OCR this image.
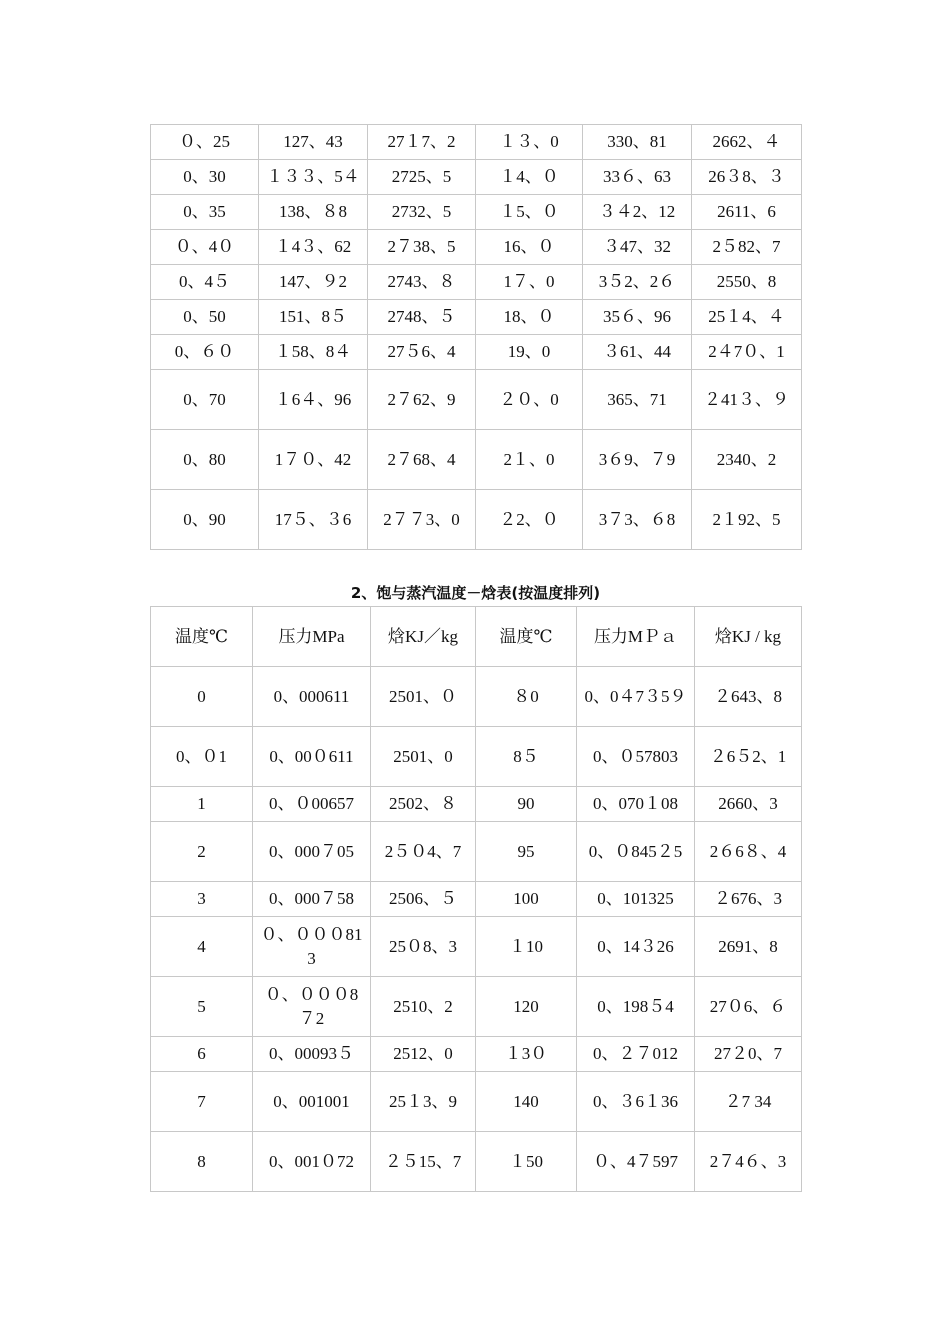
０、25	127、43	27１7、2	１３、0	330、81	2662、４
0、30	１３３、5４	2725、5	１4、０	33６、63	26３8、３
0、35	138、８8	2732、5	１5、０	３４2、12	2611、6
０、4０	１4３、62	2７38、5	16、０	３47、32	2５82、7
0、4５	147、９2	2743、８	1７、0	3５2、2６	2550、8
0、50	151、8５	2748、５	18、０	35６、96	25１4、４
0、６０	１58、8４	27５6、4	19、0	３61、44	2４7０、1
0、70	１6４、96	2７62、9	２０、0	365、71	２41３、９
0、80	1７０、42	2７68、4	2１、0	3６9、７9	2340、2
0、90	17５、３6	2７７3、0	２2、０	3７3、６8	2１92、5
2、饱与蒸汽温度－焓表(按温度排列)
温度℃	压力MPa	焓KJ／kg	温度℃	压力MＰａ	焓KJ / kg
0	0、000611	2501、０	８0	0、0４7３5９	２643、8
0、０1	0、00０611	2501、0	8５	0、０57803	２6５2、1
1	0、０00657	2502、８	90	0、070１08	2660、3
2	0、000７05	2５０4、7	95	0、０845２5	2６6８、4
3	0、000７58	2506、５	100	0、101325	２676、3
4	０、０００813	25０8、3	１10	0、14３26	2691、8
5	０、０００8７2	2510、2	120	0、198５4	27０6、６
6	0、00093５	2512、0	１3０	0、２７012	27２0、7
7	0、001001	25１3、9	140	0、３6１36	２7 34
8	0、001０72	２５15、7	１50	０、4７597	2７4６、3
